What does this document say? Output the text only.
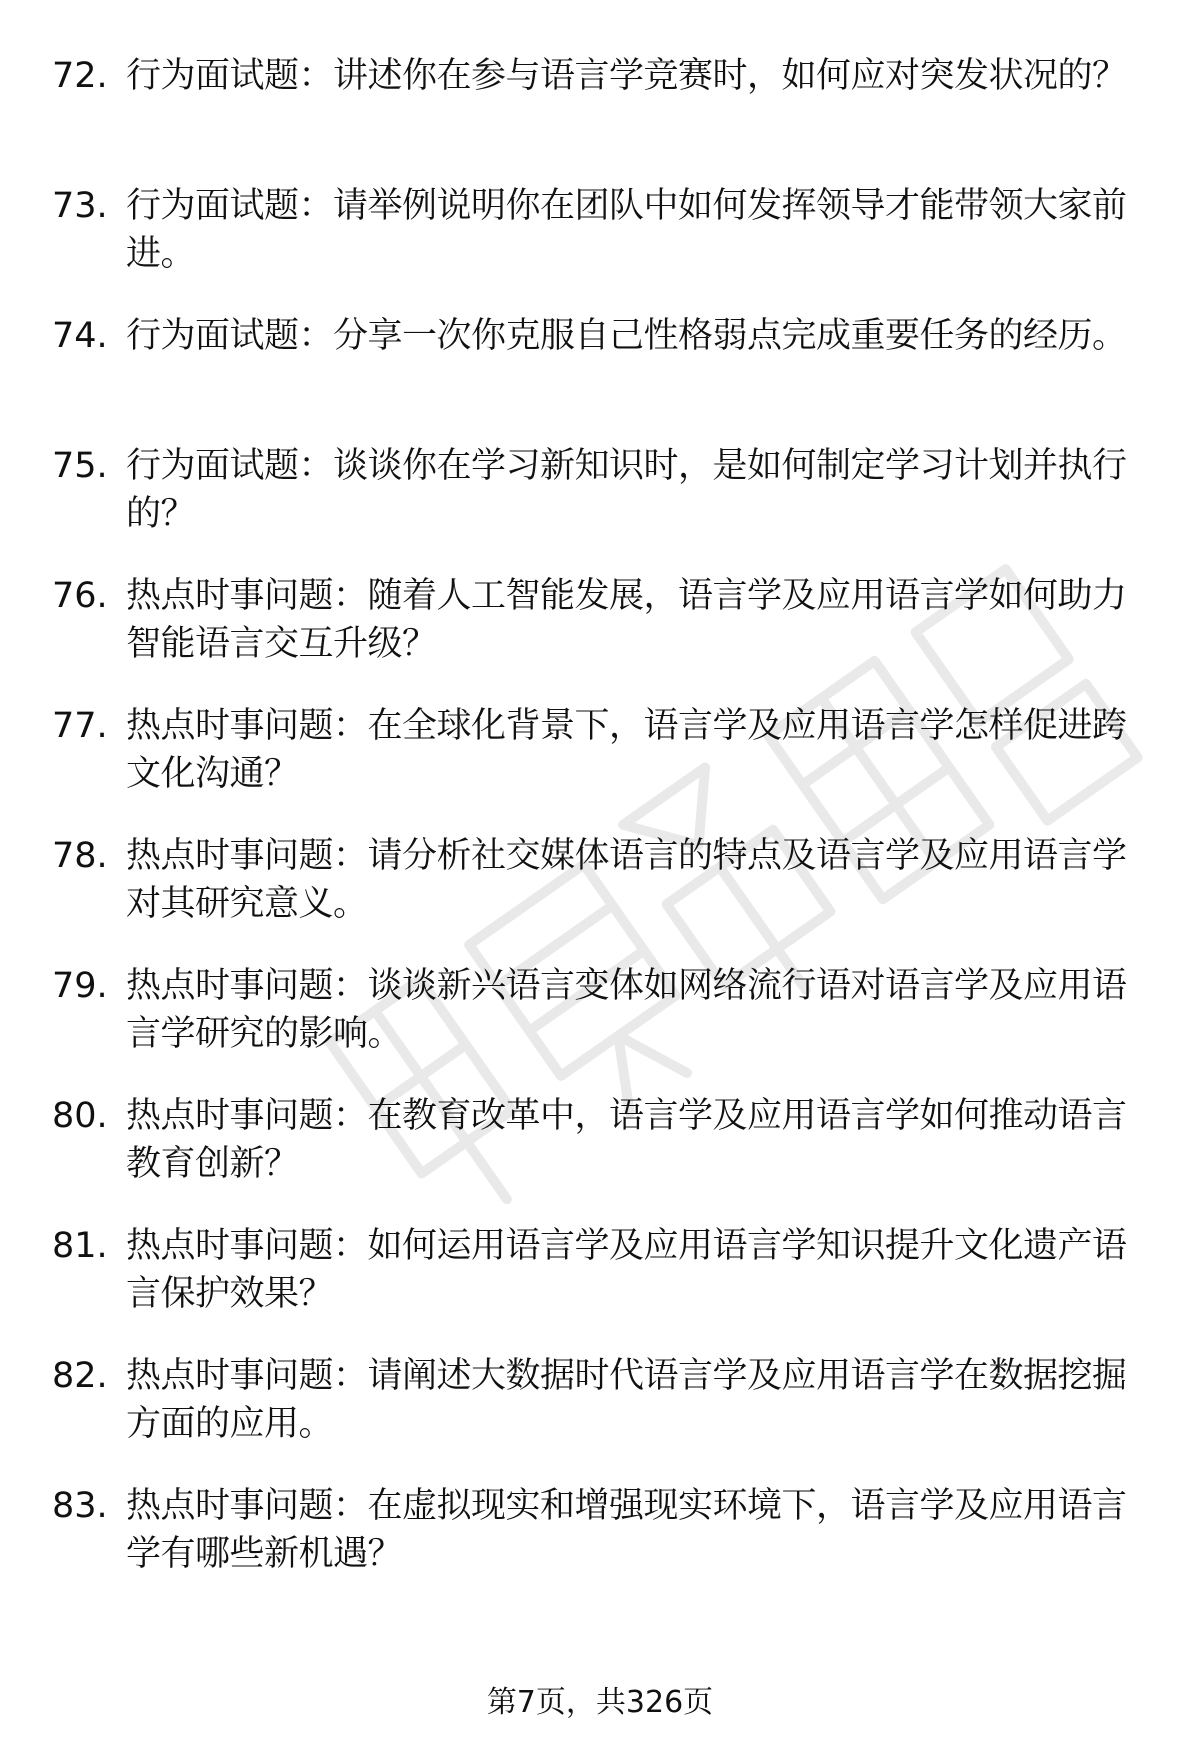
72. 行为面试题：讲述你在参与语言学竞赛时，如何应对突发状况的？
73. 行为面试题：请举例说明你在团队中如何发挥领导才能带领大家前进。
74. 行为面试题：分享一次你克服自己性格弱点完成重要任务的经历。
75. 行为面试题：谈谈你在学习新知识时，是如何制定学习计划并执行的？
76. 热点时事问题：随着人工智能发展，语言学及应用语言学如何助力智能语言交互升级？
77. 热点时事问题：在全球化背景下，语言学及应用语言学怎样促进跨文化沟通？
78. 热点时事问题：请分析社交媒体语言的特点及语言学及应用语言学对其研究意义。
79. 热点时事问题：谈谈新兴语言变体如网络流行语对语言学及应用语言学研究的影响。
80. 热点时事问题：在教育改革中，语言学及应用语言学如何推动语言教育创新？
81. 热点时事问题：如何运用语言学及应用语言学知识提升文化遗产语言保护效果？
82. 热点时事问题：请阐述大数据时代语言学及应用语言学在数据挖掘方面的应用。
83. 热点时事问题：在虚拟现实和增强现实环境下，语言学及应用语言学有哪些新机遇？
第7页，共326页
